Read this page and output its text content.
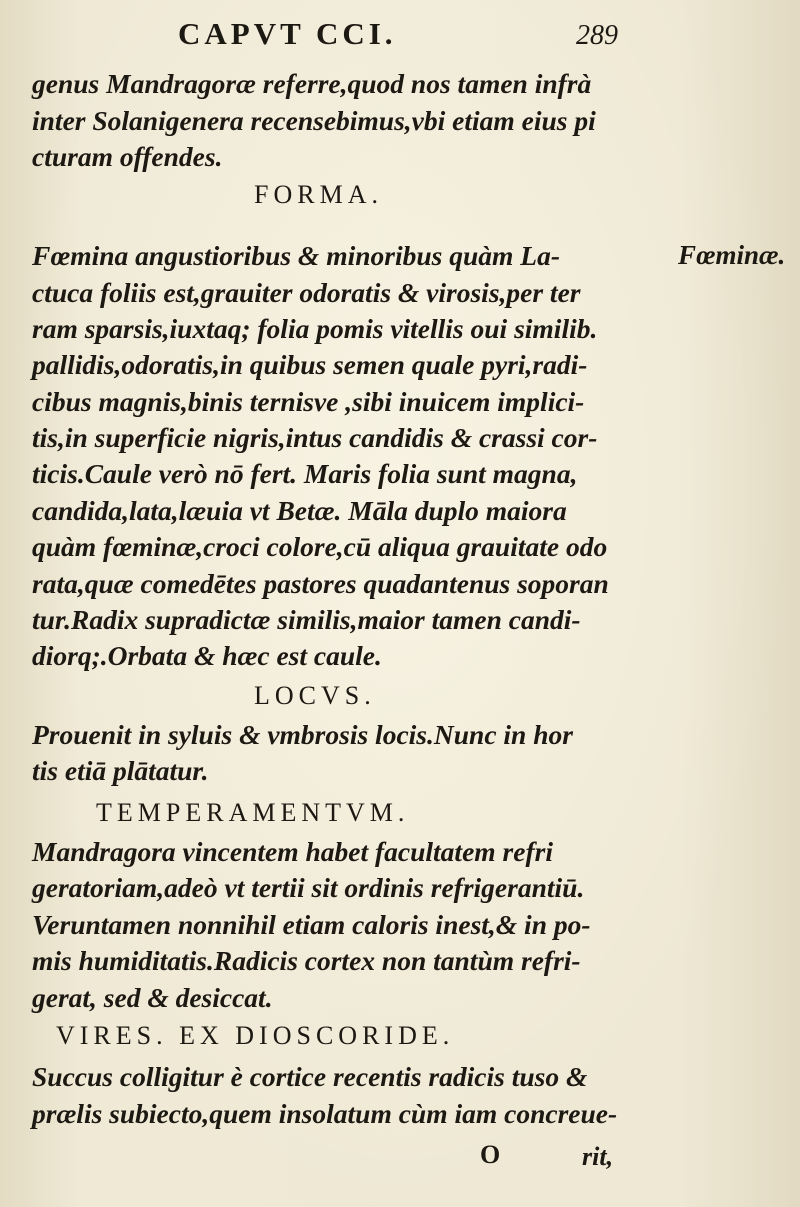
CAPVT CCI.	289
genus Mandragoræ referre,quod nos tamen infrà
inter Solanigenera recensebimus,vbi etiam eius pi
cturam offendes.
FORMA.
Fœmina angustioribus & minoribus quàm La-
ctuca foliis est,grauiter odoratis & virosis,per ter
ram sparsis,iuxtaq; folia pomis vitellis oui similib.
pallidis,odoratis,in quibus semen quale pyri,radi-
cibus magnis,binis ternisve ,sibi inuicem implici-
tis,in superficie nigris,intus candidis & crassi cor-
ticis.Caule verò nō fert. Maris folia sunt magna,
candida,lata,læuia vt Betæ. Māla duplo maiora
quàm fœminæ,croci colore,cū aliqua grauitate odo
rata,quæ comedētes pastores quadantenus soporan
tur.Radix supradictæ similis,maior tamen candi-
diorq;.Orbata & hæc est caule.
LOCVS.
Prouenit in syluis & vmbrosis locis.Nunc in hor
tis etiā plātatur.
TEMPERAMENTVM.
Mandragora vincentem habet facultatem refri
geratoriam,adeò vt tertii sit ordinis refrigerantiū.
Veruntamen nonnihil etiam caloris inest,& in po-
mis humiditatis.Radicis cortex non tantùm refri-
gerat, sed & desiccat.
VIRES. EX DIOSCORIDE.
Succus colligitur è cortice recentis radicis tuso &
prælis subiecto,quem insolatum cùm iam concreue-
Fœminæ.
O	rit,
